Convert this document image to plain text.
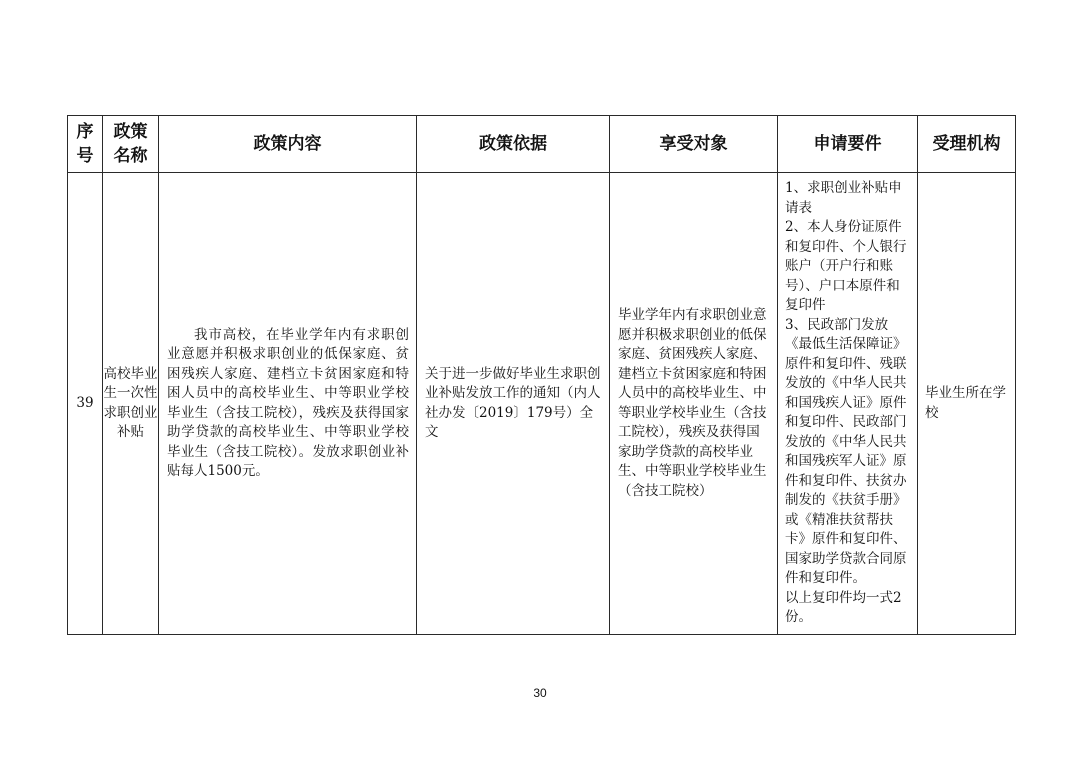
序号	政策名称	政策内容	政策依据	享受对象	申请要件	受理机构
39	高校毕业生一次性求职创业补贴	我市高校，在毕业学年内有求职创业意愿并积极求职创业的低保家庭、贫困残疾人家庭、建档立卡贫困家庭和特困人员中的高校毕业生、中等职业学校毕业生（含技工院校），残疾及获得国家助学贷款的高校毕业生、中等职业学校毕业生（含技工院校）。发放求职创业补贴每人1500元。	关于进一步做好毕业生求职创业补贴发放工作的通知（内人社办发〔2019〕179号）全文	毕业学年内有求职创业意愿并积极求职创业的低保家庭、贫困残疾人家庭、建档立卡贫困家庭和特困人员中的高校毕业生、中等职业学校毕业生（含技工院校），残疾及获得国家助学贷款的高校毕业生、中等职业学校毕业生（含技工院校）	1、求职创业补贴申请表
2、本人身份证原件和复印件、个人银行账户（开户行和账号）、户口本原件和复印件
3、民政部门发放《最低生活保障证》原件和复印件、残联发放的《中华人民共和国残疾人证》原件和复印件、民政部门发放的《中华人民共和国残疾军人证》原件和复印件、扶贫办制发的《扶贫手册》或《精准扶贫帮扶卡》原件和复印件、国家助学贷款合同原件和复印件。
以上复印件均一式2份。	毕业生所在学校
30
